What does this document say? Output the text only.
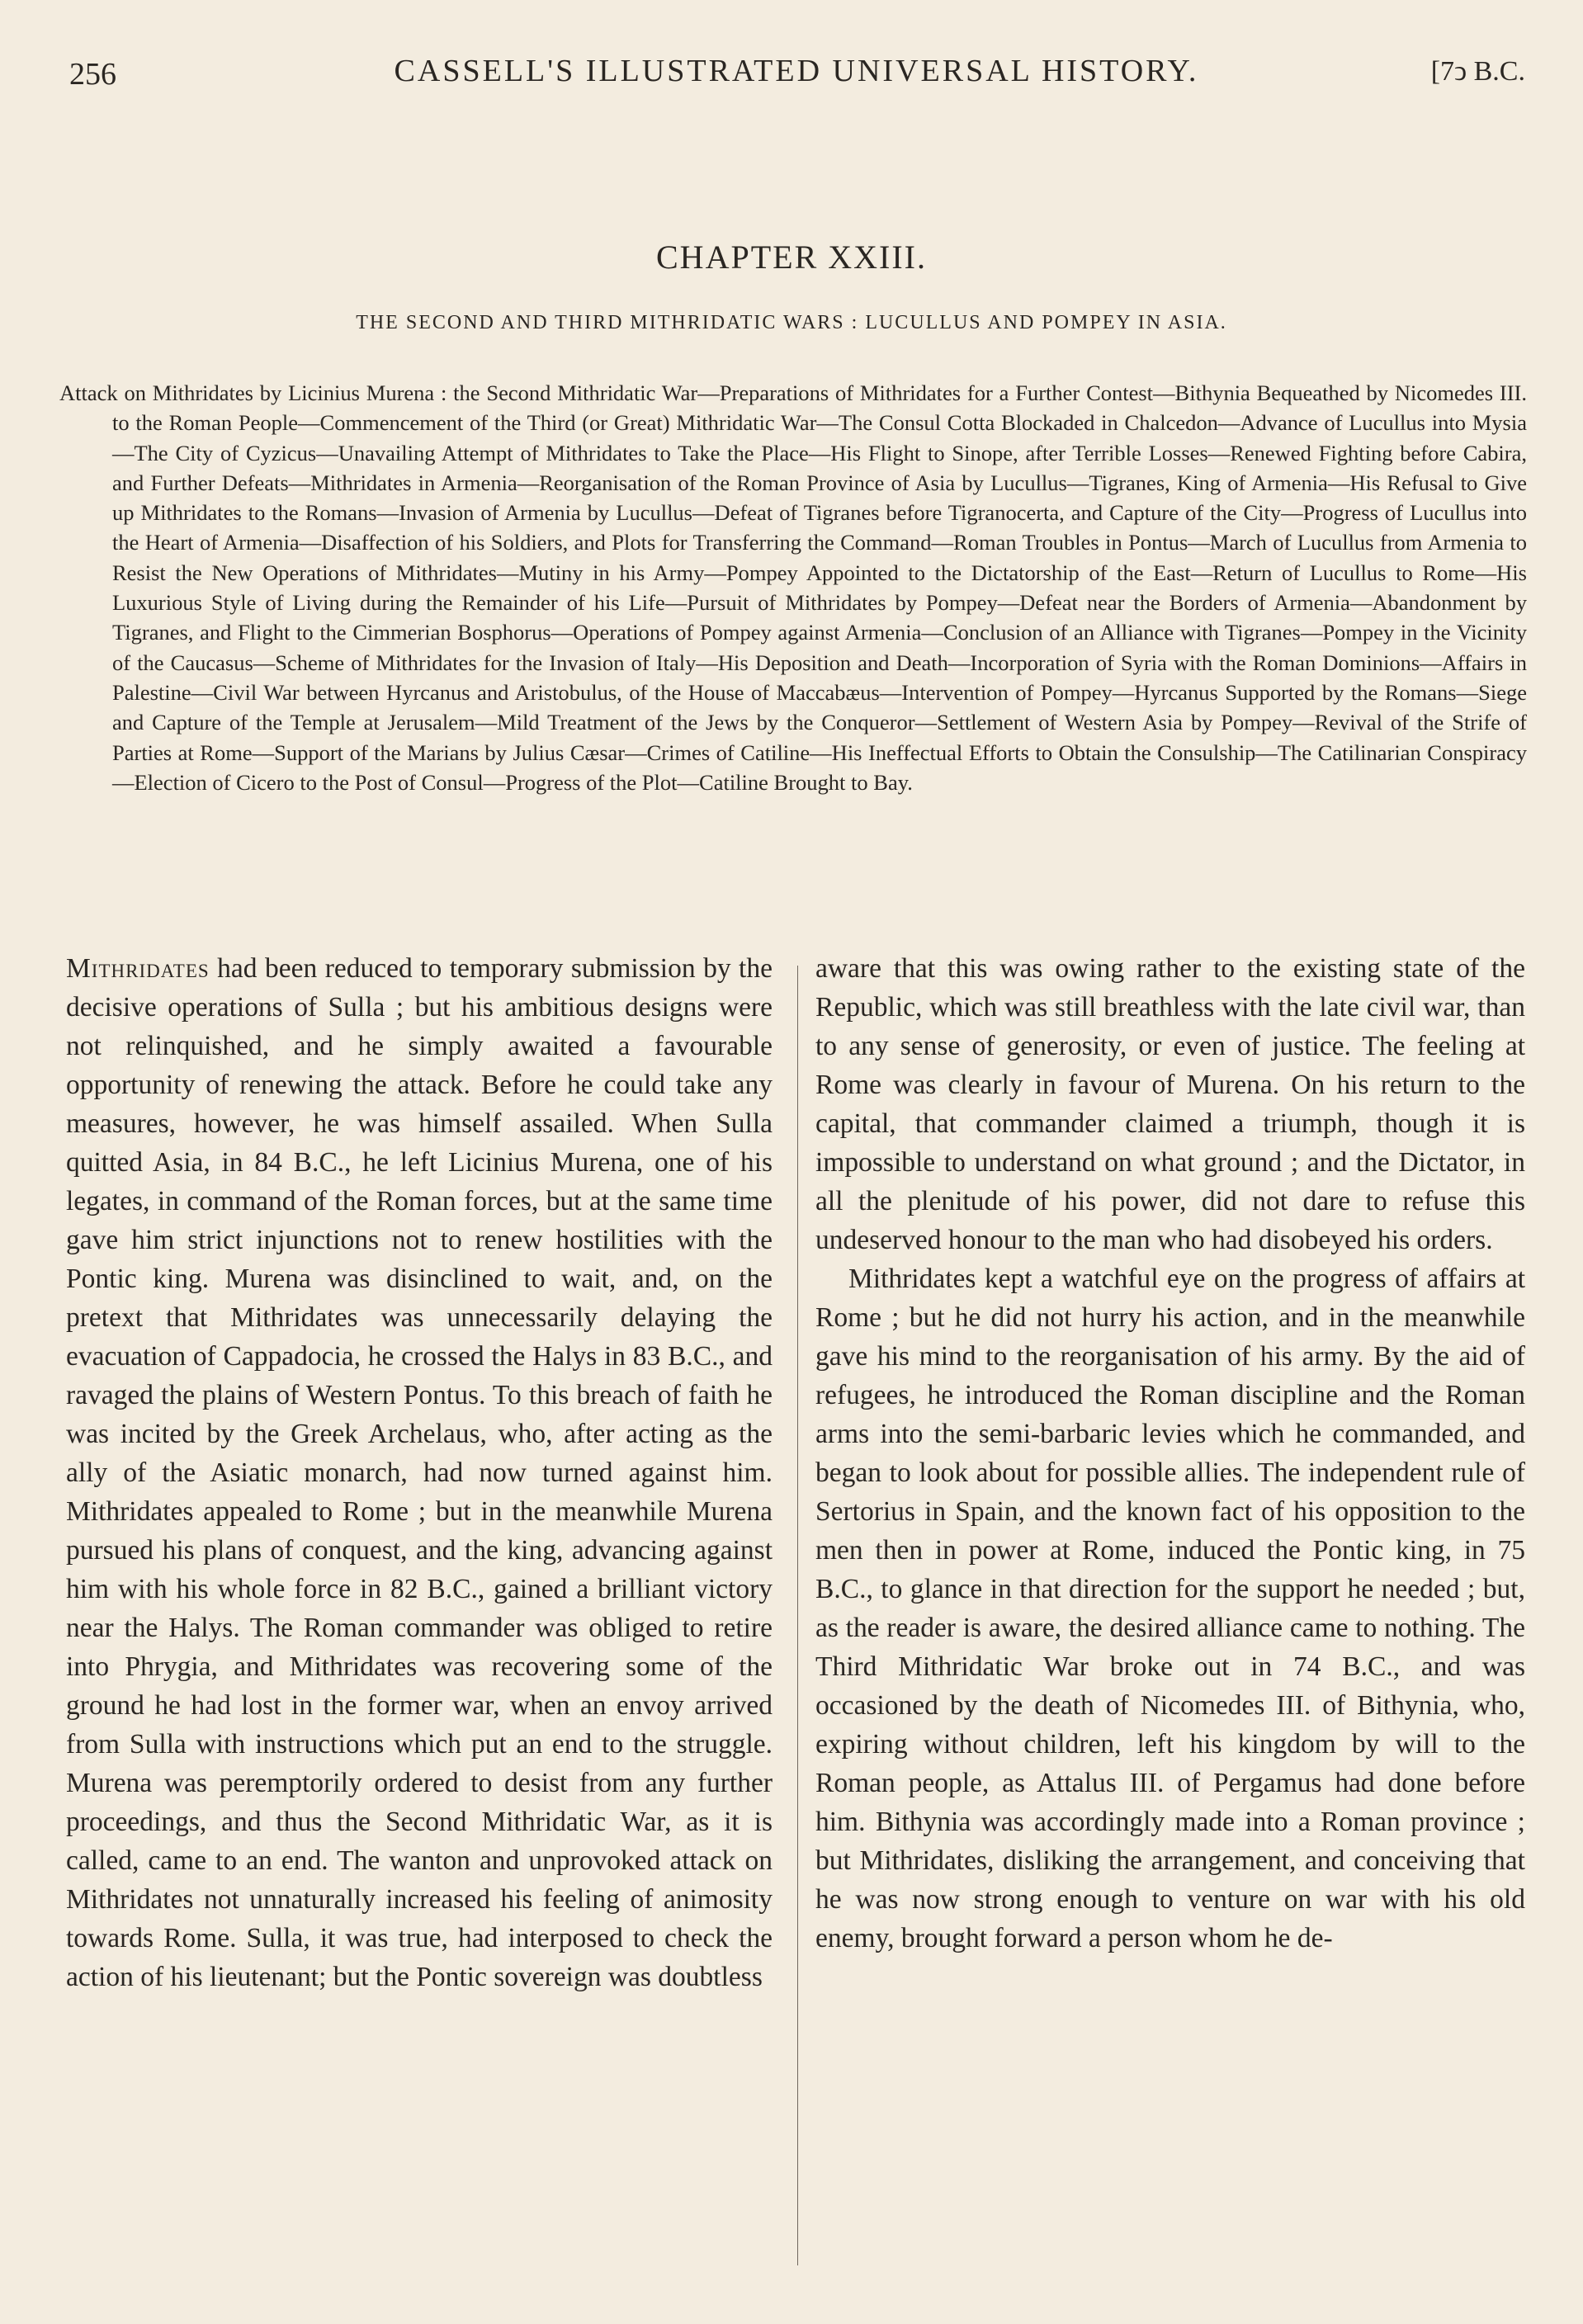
256	CASSELL'S ILLUSTRATED UNIVERSAL HISTORY.	[7ↄ B.C.
CHAPTER XXIII.
THE SECOND AND THIRD MITHRIDATIC WARS : LUCULLUS AND POMPEY IN ASIA.

Attack on Mithridates by Licinius Murena : the Second Mithridatic War—Preparations of Mithridates for a Further Contest—Bithynia Bequeathed by Nicomedes III. to the Roman People—Commencement of the Third (or Great) Mithridatic War—The Consul Cotta Blockaded in Chalcedon—Advance of Lucullus into Mysia—The City of Cyzicus—Unavailing Attempt of Mithridates to Take the Place—His Flight to Sinope, after Terrible Losses—Renewed Fighting before Cabira, and Further Defeats—Mithridates in Armenia—Reorganisation of the Roman Province of Asia by Lucullus—Tigranes, King of Armenia—His Refusal to Give up Mithridates to the Romans—Invasion of Armenia by Lucullus—Defeat of Tigranes before Tigranocerta, and Capture of the City—Progress of Lucullus into the Heart of Armenia—Disaffection of his Soldiers, and Plots for Transferring the Command—Roman Troubles in Pontus—March of Lucullus from Armenia to Resist the New Operations of Mithridates—Mutiny in his Army—Pompey Appointed to the Dictatorship of the East—Return of Lucullus to Rome—His Luxurious Style of Living during the Remainder of his Life—Pursuit of Mithridates by Pompey—Defeat near the Borders of Armenia—Abandonment by Tigranes, and Flight to the Cimmerian Bosphorus—Operations of Pompey against Armenia—Conclusion of an Alliance with Tigranes—Pompey in the Vicinity of the Caucasus—Scheme of Mithridates for the Invasion of Italy—His Deposition and Death—Incorporation of Syria with the Roman Dominions—Affairs in Palestine—Civil War between Hyrcanus and Aristobulus, of the House of Maccabæus—Intervention of Pompey—Hyrcanus Supported by the Romans—Siege and Capture of the Temple at Jerusalem—Mild Treatment of the Jews by the Conqueror—Settlement of Western Asia by Pompey—Revival of the Strife of Parties at Rome—Support of the Marians by Julius Cæsar—Crimes of Catiline—His Ineffectual Efforts to Obtain the Consulship—The Catilinarian Conspiracy—Election of Cicero to the Post of Consul—Progress of the Plot—Catiline Brought to Bay.

Mithridates had been reduced to temporary submission by the decisive operations of Sulla ; but his ambitious designs were not relinquished, and he simply awaited a favourable opportunity of renewing the attack. Before he could take any measures, however, he was himself assailed. When Sulla quitted Asia, in 84 B.C., he left Licinius Murena, one of his legates, in command of the Roman forces, but at the same time gave him strict injunctions not to renew hostilities with the Pontic king. Murena was disinclined to wait, and, on the pretext that Mithridates was unnecessarily delaying the evacuation of Cappadocia, he crossed the Halys in 83 B.C., and ravaged the plains of Western Pontus. To this breach of faith he was incited by the Greek Archelaus, who, after acting as the ally of the Asiatic monarch, had now turned against him. Mithridates appealed to Rome ; but in the meanwhile Murena pursued his plans of conquest, and the king, advancing against him with his whole force in 82 B.C., gained a brilliant victory near the Halys. The Roman commander was obliged to retire into Phrygia, and Mithridates was recovering some of the ground he had lost in the former war, when an envoy arrived from Sulla with instructions which put an end to the struggle. Murena was peremptorily ordered to desist from any further proceedings, and thus the Second Mithridatic War, as it is called, came to an end. The wanton and unprovoked attack on Mithridates not unnaturally increased his feeling of animosity towards Rome. Sulla, it was true, had interposed to check the action of his lieutenant; but the Pontic sovereign was doubtless

aware that this was owing rather to the existing state of the Republic, which was still breathless with the late civil war, than to any sense of generosity, or even of justice. The feeling at Rome was clearly in favour of Murena. On his return to the capital, that commander claimed a triumph, though it is impossible to understand on what ground ; and the Dictator, in all the plenitude of his power, did not dare to refuse this undeserved honour to the man who had disobeyed his orders.

Mithridates kept a watchful eye on the progress of affairs at Rome ; but he did not hurry his action, and in the meanwhile gave his mind to the reorganisation of his army. By the aid of refugees, he introduced the Roman discipline and the Roman arms into the semi-barbaric levies which he commanded, and began to look about for possible allies. The independent rule of Sertorius in Spain, and the known fact of his opposition to the men then in power at Rome, induced the Pontic king, in 75 B.C., to glance in that direction for the support he needed ; but, as the reader is aware, the desired alliance came to nothing. The Third Mithridatic War broke out in 74 B.C., and was occasioned by the death of Nicomedes III. of Bithynia, who, expiring without children, left his kingdom by will to the Roman people, as Attalus III. of Pergamus had done before him. Bithynia was accordingly made into a Roman province ; but Mithridates, disliking the arrangement, and conceiving that he was now strong enough to venture on war with his old enemy, brought forward a person whom he de-
